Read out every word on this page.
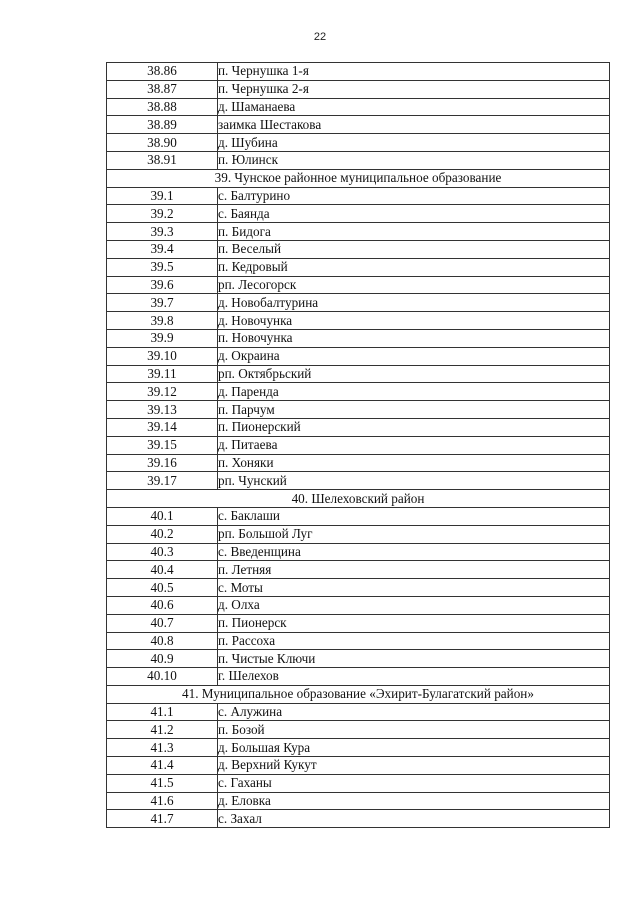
22
38.86	п. Чернушка 1-я
38.87	п. Чернушка 2-я
38.88	д. Шаманаева
38.89	заимка Шестакова
38.90	д. Шубина
38.91	п. Юлинск
39. Чунское районное муниципальное образование	
39.1	с. Балтурино
39.2	с. Баянда
39.3	п. Бидога
39.4	п. Веселый
39.5	п. Кедровый
39.6	рп. Лесогорск
39.7	д. Новобалтурина
39.8	д. Новочунка
39.9	п. Новочунка
39.10	д. Окраина
39.11	рп. Октябрьский
39.12	д. Паренда
39.13	п. Парчум
39.14	п. Пионерский
39.15	д. Питаева
39.16	п. Хоняки
39.17	рп. Чунский
40. Шелеховский район	
40.1	с. Баклаши
40.2	рп. Большой Луг
40.3	с. Введенщина
40.4	п. Летняя
40.5	с. Моты
40.6	д. Олха
40.7	п. Пионерск
40.8	п. Рассоха
40.9	п. Чистые Ключи
40.10	г. Шелехов
41. Муниципальное образование «Эхирит-Булагатский район»	
41.1	с. Алужина
41.2	п. Бозой
41.3	д. Большая Кура
41.4	д. Верхний Кукут
41.5	с. Гаханы
41.6	д. Еловка
41.7	с. Захал
